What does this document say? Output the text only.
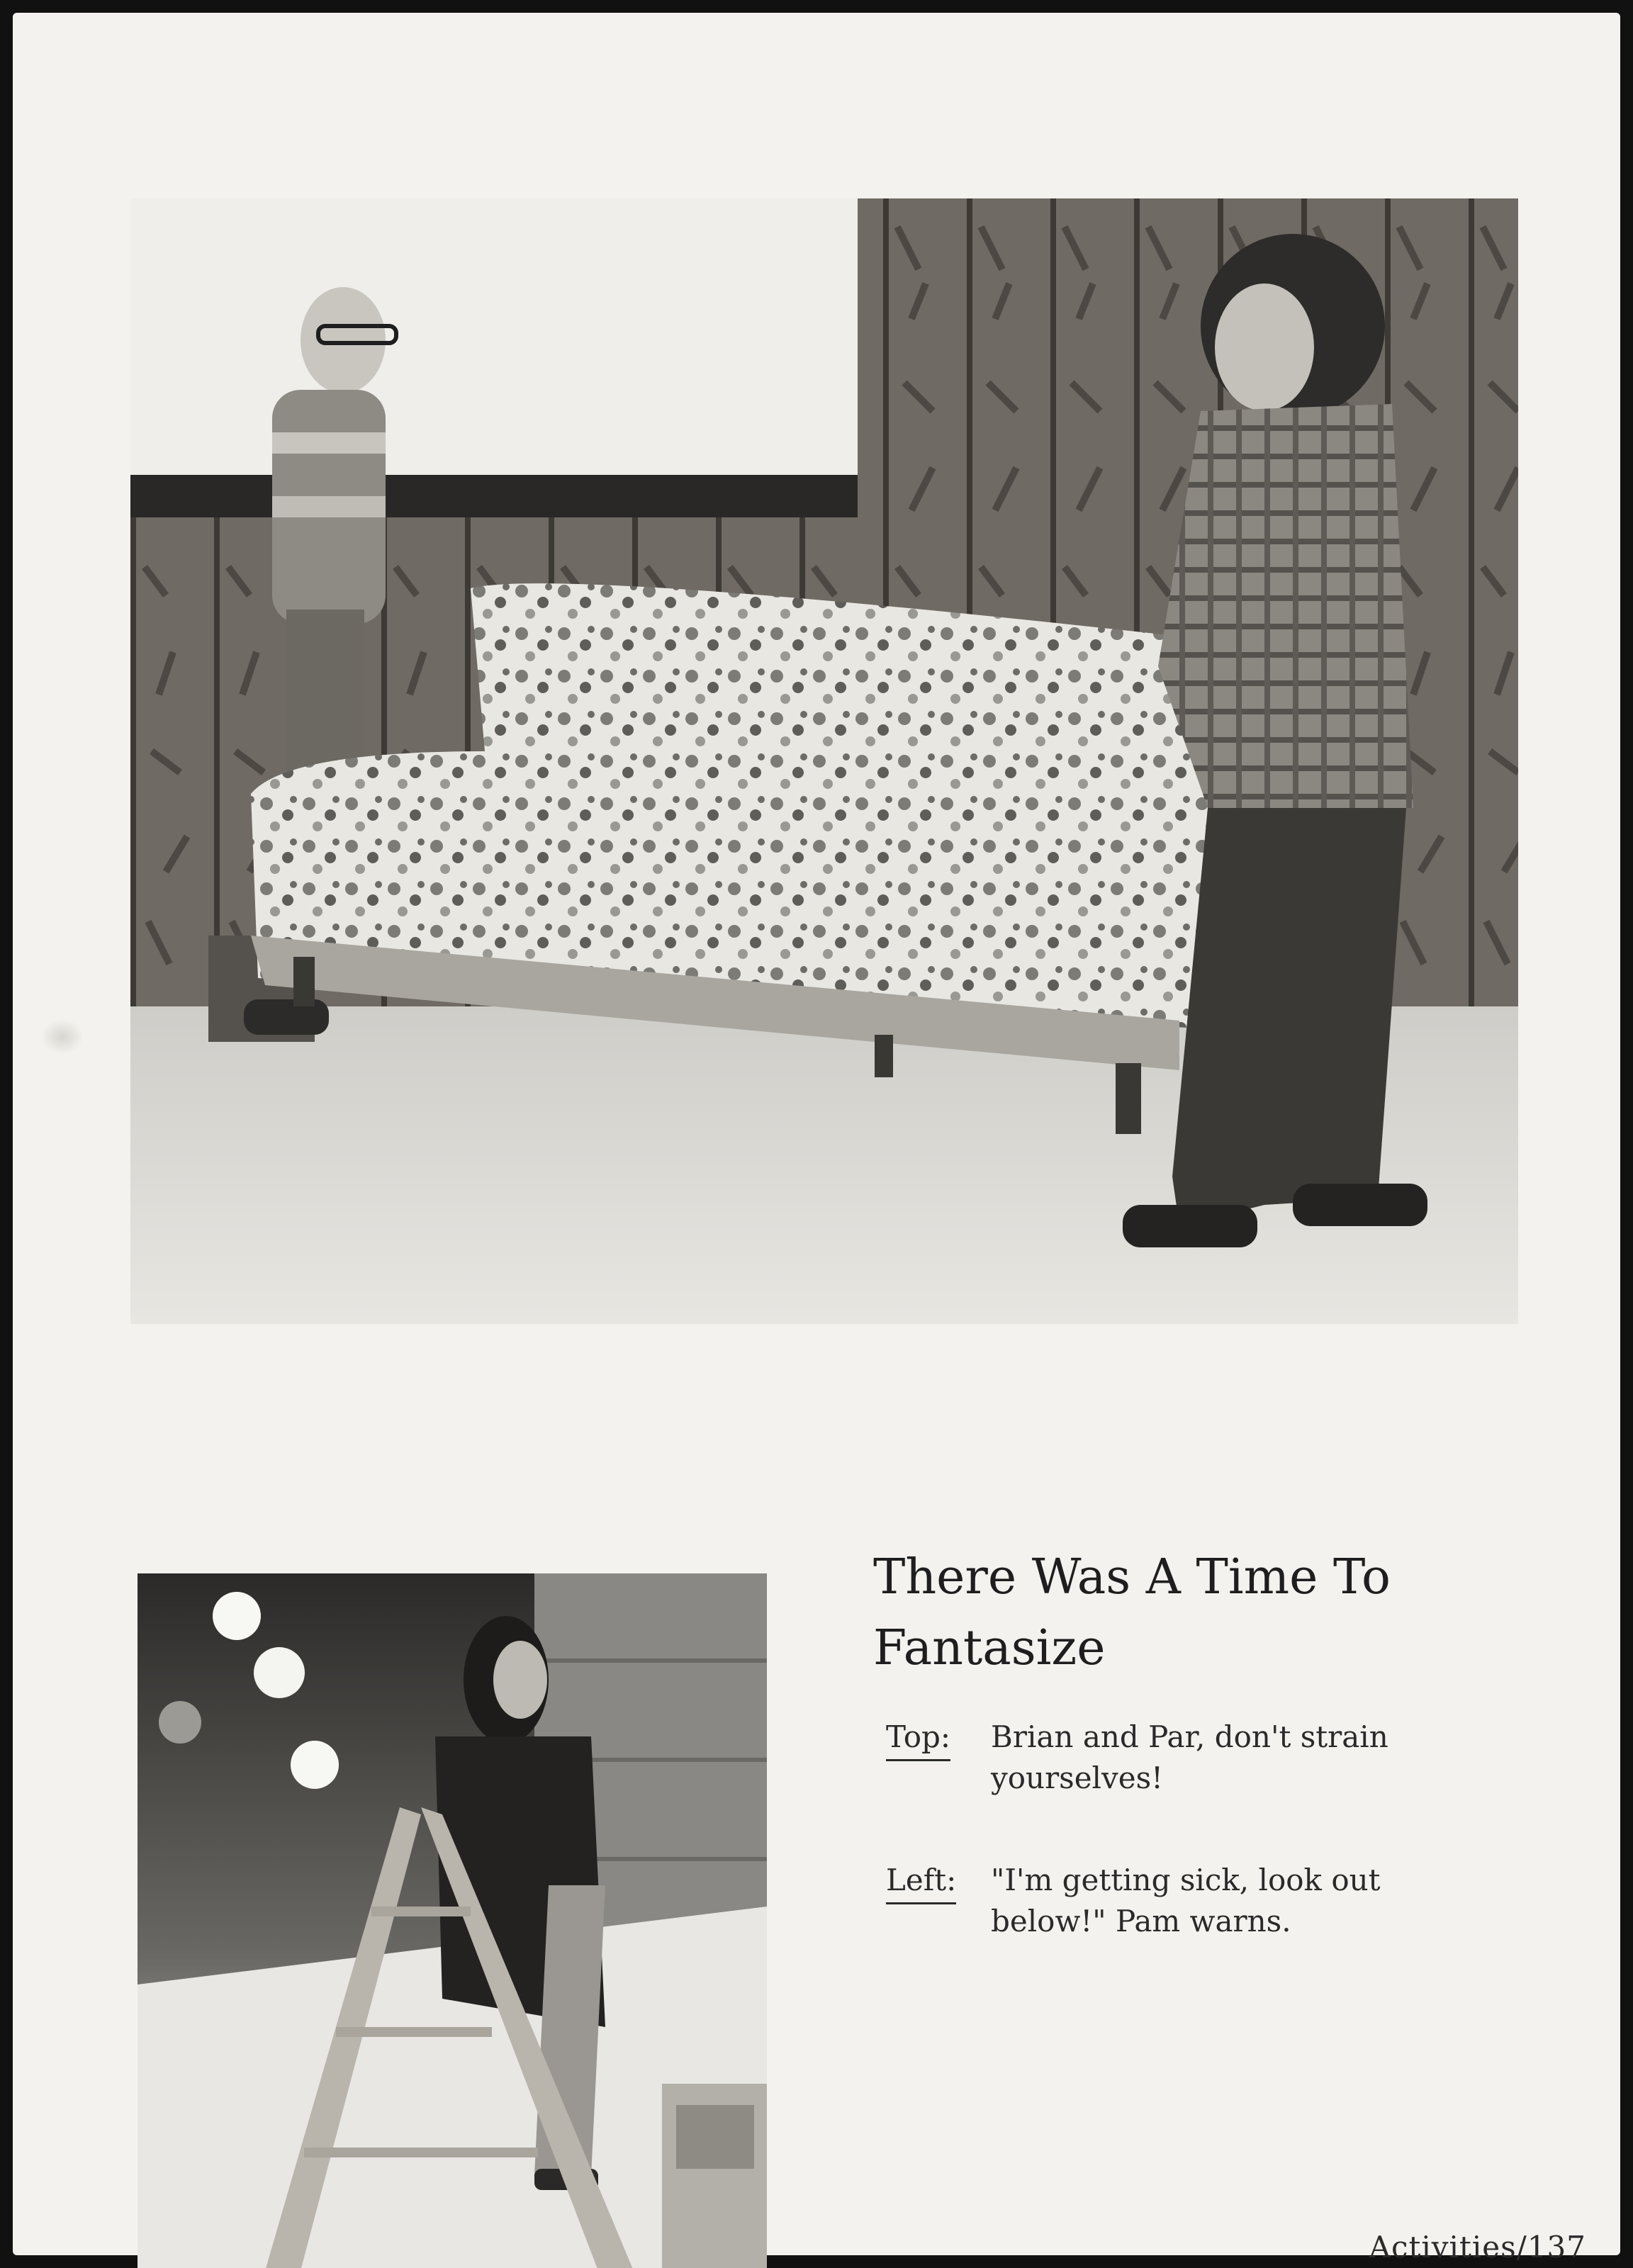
There Was A Time To Fantasize
Top: Brian and Par, don't strain yourselves!
Left: "I'm getting sick, look out below!" Pam warns.
Activities/137
